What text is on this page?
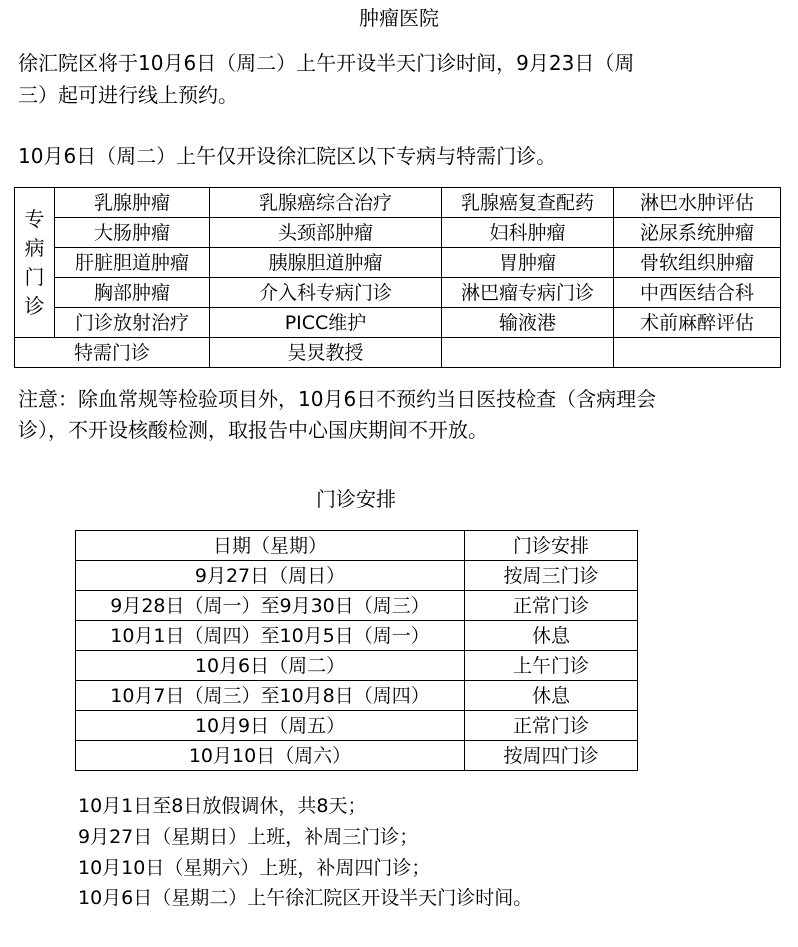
肿瘤医院
徐汇院区将于10月6日（周二）上午开设半天门诊时间，9月23日（周
三）起可进行线上预约。
10月6日（周二）上午仅开设徐汇院区以下专病与特需门诊。
专病门诊	乳腺肿瘤	乳腺癌综合治疗	乳腺癌复查配药	淋巴水肿评估
	大肠肿瘤	头颈部肿瘤	妇科肿瘤	泌尿系统肿瘤
	肝脏胆道肿瘤	胰腺胆道肿瘤	胃肿瘤	骨软组织肿瘤
	胸部肿瘤	介入科专病门诊	淋巴瘤专病门诊	中西医结合科
	门诊放射治疗	PICC维护	输液港	术前麻醉评估
特需门诊		吴炅教授		
注意：除血常规等检验项目外，10月6日不预约当日医技检查（含病理会
诊），不开设核酸检测，取报告中心国庆期间不开放。
门诊安排
日期（星期）	门诊安排
9月27日（周日）	按周三门诊
9月28日（周一）至9月30日（周三）	正常门诊
10月1日（周四）至10月5日（周一）	休息
10月6日（周二）	上午门诊
10月7日（周三）至10月8日（周四）	休息
10月9日（周五）	正常门诊
10月10日（周六）	按周四门诊
10月1日至8日放假调休，共8天；
9月27日（星期日）上班，补周三门诊；
10月10日（星期六）上班，补周四门诊；
10月6日（星期二）上午徐汇院区开设半天门诊时间。
